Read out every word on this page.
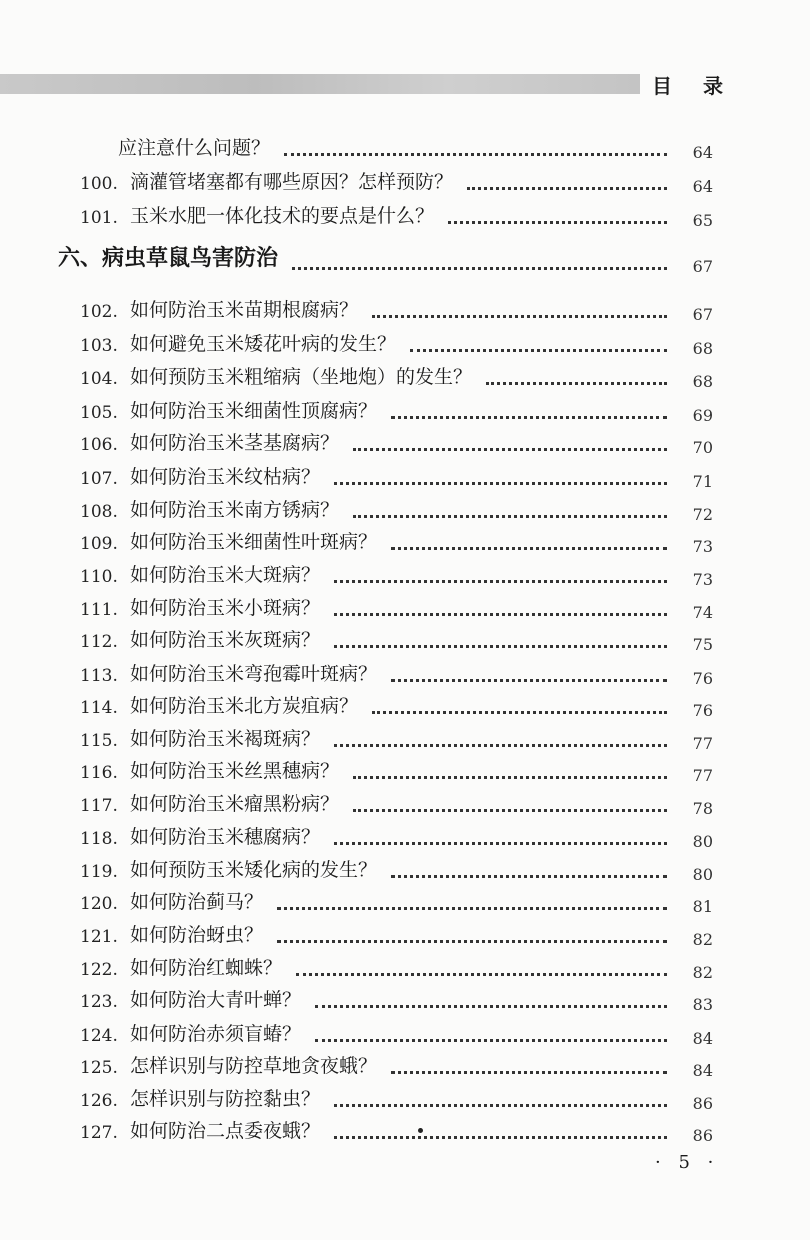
目 录
应注意什么问题？	64
100. 滴灌管堵塞都有哪些原因？怎样预防？	64
101. 玉米水肥一体化技术的要点是什么？	65
六、病虫草鼠鸟害防治	67
102. 如何防治玉米苗期根腐病？	67
103. 如何避免玉米矮花叶病的发生？	68
104. 如何预防玉米粗缩病（坐地炮）的发生？	68
105. 如何防治玉米细菌性顶腐病？	69
106. 如何防治玉米茎基腐病？	70
107. 如何防治玉米纹枯病？	71
108. 如何防治玉米南方锈病？	72
109. 如何防治玉米细菌性叶斑病？	73
110. 如何防治玉米大斑病？	73
111. 如何防治玉米小斑病？	74
112. 如何防治玉米灰斑病？	75
113. 如何防治玉米弯孢霉叶斑病？	76
114. 如何防治玉米北方炭疽病？	76
115. 如何防治玉米褐斑病？	77
116. 如何防治玉米丝黑穗病？	77
117. 如何防治玉米瘤黑粉病？	78
118. 如何防治玉米穗腐病？	80
119. 如何预防玉米矮化病的发生？	80
120. 如何防治蓟马？	81
121. 如何防治蚜虫？	82
122. 如何防治红蜘蛛？	82
123. 如何防治大青叶蝉？	83
124. 如何防治赤须盲蝽？	84
125. 怎样识别与防控草地贪夜蛾？	84
126. 怎样识别与防控黏虫？	86
127. 如何防治二点委夜蛾？	86
· 5 ·
